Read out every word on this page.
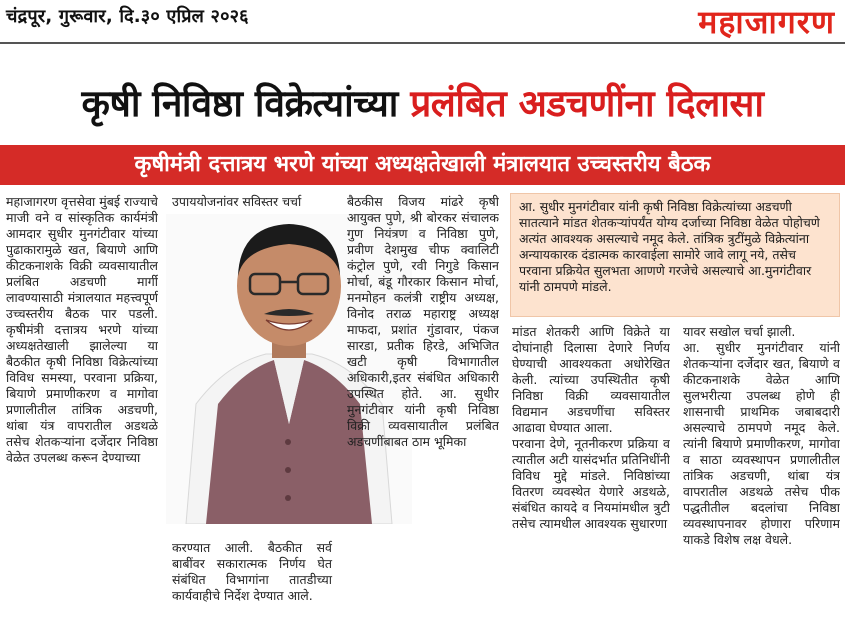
चंद्रपूर, गुरूवार, दि.३० एप्रिल २०२६	महाजागरण
कृषी निविष्ठा विक्रेत्यांच्या प्रलंबित अडचणींना दिलासा
कृषीमंत्री दत्तात्रय भरणे यांच्या अध्यक्षतेखाली मंत्रालयात उच्चस्तरीय बैठक

महाजागरण वृत्तसेवा मुंबई राज्याचे माजी वने व सांस्कृतिक कार्यमंत्री आमदार सुधीर मुनगंटीवार यांच्या पुढाकारामुळे खत, बियाणे आणि कीटकनाशके विक्री व्यवसायातील प्रलंबित अडचणी मार्गी लावण्यासाठी मंत्रालयात महत्त्वपूर्ण उच्चस्तरीय बैठक पार पडली. कृषीमंत्री दत्तात्रय भरणे यांच्या अध्यक्षतेखाली झालेल्या या बैठकीत कृषी निविष्ठा विक्रेत्यांच्या विविध समस्या, परवाना प्रक्रिया, बियाणे प्रमाणीकरण व मागोवा प्रणालीतील तांत्रिक अडचणी, थांबा यंत्र वापरातील अडथळे तसेच शेतकऱ्यांना दर्जेदार निविष्ठा वेळेत उपलब्ध करून देण्याच्या

उपाययोजनांवर सविस्तर चर्चा

करण्यात आली. बैठकीत सर्व बाबींवर सकारात्मक निर्णय घेत संबंधित विभागांना तातडीच्या कार्यवाहीचे निर्देश देण्यात आले.

बैठकीस विजय मांढरे कृषी आयुक्त पुणे, श्री बोरकर संचालक गुण नियंत्रण व निविष्ठा पुणे, प्रवीण देशमुख चीफ क्वालिटी कंट्रोल पुणे, रवी निगुडे किसान मोर्चा, बंडू गौरकार किसान मोर्चा, मनमोहन कलंत्री राष्ट्रीय अध्यक्ष, विनोद तराळ महाराष्ट्र अध्यक्ष माफदा, प्रशांत गुंडावार, पंकज सारडा, प्रतीक हिरडे, अभिजित खटी कृषी विभागातील अधिकारी,इतर संबंधित अधिकारी उपस्थित होते. आ. सुधीर मुनगंटीवार यांनी कृषी निविष्ठा विक्री व्यवसायातील प्रलंबित अडचणींबाबत ठाम भूमिका

आ. सुधीर मुनगंटीवार यांनी कृषी निविष्ठा विक्रेत्यांच्या अडचणी सातत्याने मांडत शेतकऱ्यांपर्यंत योग्य दर्जाच्या निविष्ठा वेळेत पोहोचणे अत्यंत आवश्यक असल्याचे नमूद केले. तांत्रिक त्रुटींमुळे विक्रेत्यांना अन्यायकारक दंडात्मक कारवाईला सामोरे जावे लागू नये, तसेच परवाना प्रक्रियेत सुलभता आणणे गरजेचे असल्याचे आ.मुनगंटीवार यांनी ठामपणे मांडले.

मांडत शेतकरी आणि विक्रेते या दोघांनाही दिलासा देणारे निर्णय घेण्याची आवश्यकता अधोरेखित केली. त्यांच्या उपस्थितीत कृषी निविष्ठा विक्री व्यवसायातील विद्यमान अडचणींचा सविस्तर आढावा घेण्यात आला.

परवाना देणे, नूतनीकरण प्रक्रिया व त्यातील अटी यासंदर्भात प्रतिनिधींनी विविध मुद्दे मांडले. निविष्ठांच्या वितरण व्यवस्थेत येणारे अडथळे, संबंधित कायदे व नियमांमधील त्रुटी तसेच त्यामधील आवश्यक सुधारणा

यावर सखोल चर्चा झाली.

आ. सुधीर मुनगंटीवार यांनी शेतकऱ्यांना दर्जेदार खत, बियाणे व कीटकनाशके वेळेत आणि सुलभरीत्या उपलब्ध होणे ही शासनाची प्राथमिक जबाबदारी असल्याचे ठामपणे नमूद केले. त्यांनी बियाणे प्रमाणीकरण, मागोवा व साठा व्यवस्थापन प्रणालीतील तांत्रिक अडचणी, थांबा यंत्र वापरातील अडथळे तसेच पीक पद्धतीतील बदलांचा निविष्ठा व्यवस्थापनावर होणारा परिणाम याकडे विशेष लक्ष वेधले.
